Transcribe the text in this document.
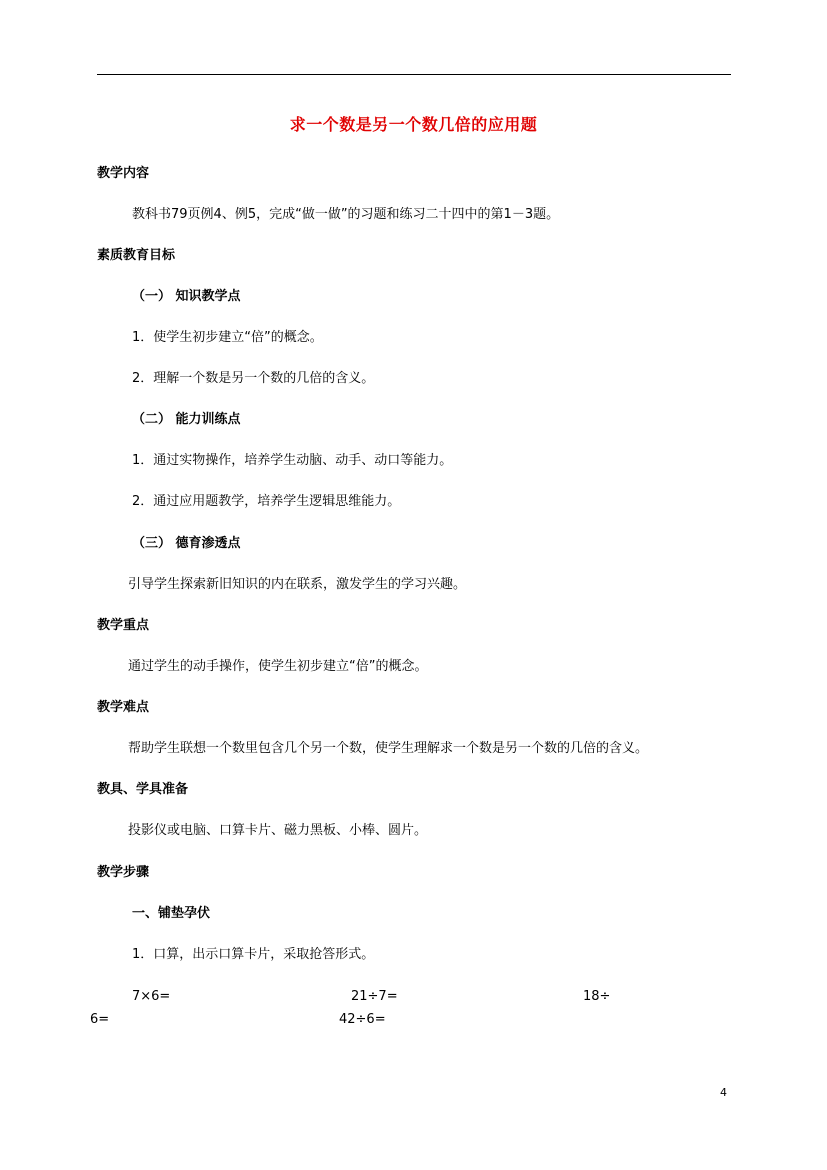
求一个数是另一个数几倍的应用题
教学内容
教科书79页例4、例5，完成“做一做”的习题和练习二十四中的第1－3题。
素质教育目标
（一） 知识教学点
1．使学生初步建立“倍”的概念。
2．理解一个数是另一个数的几倍的含义。
（二） 能力训练点
1．通过实物操作，培养学生动脑、动手、动口等能力。
2．通过应用题教学，培养学生逻辑思维能力。
（三） 德育渗透点
引导学生探索新旧知识的内在联系，激发学生的学习兴趣。
教学重点
通过学生的动手操作，使学生初步建立“倍”的概念。
教学难点
帮助学生联想一个数里包含几个另一个数，使学生理解求一个数是另一个数的几倍的含义。
教具、学具准备
投影仪或电脑、口算卡片、磁力黑板、小棒、圆片。
教学步骤
一、铺垫孕伏
1．口算，出示口算卡片，采取抢答形式。
7×6=	21÷7=	18÷
6=	42÷6=
4
